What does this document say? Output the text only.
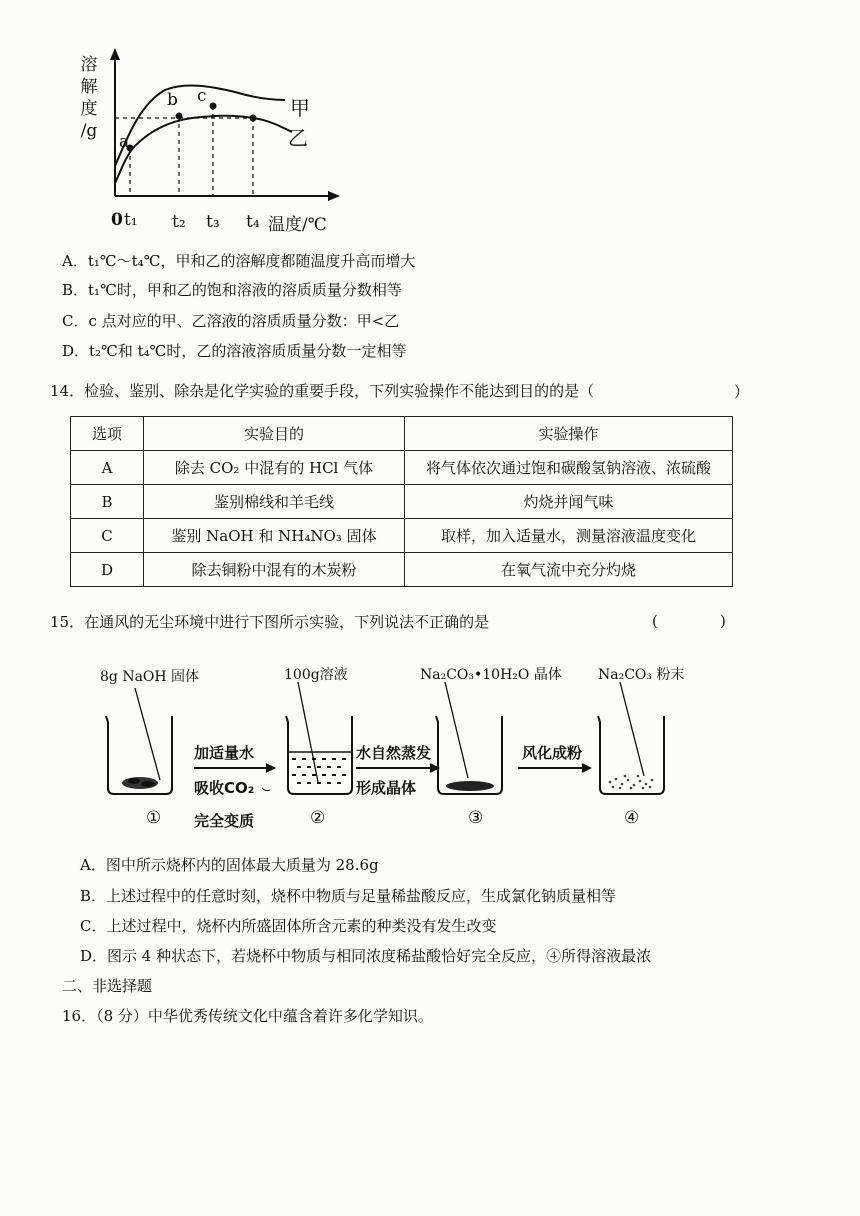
溶
解
度
/g
a
b c	甲
乙
0 t₁ t₂ t₃ t₄ 温度/℃
A．t₁℃～t₄℃，甲和乙的溶解度都随温度升高而增大
B．t₁℃时，甲和乙的饱和溶液的溶质质量分数相等
C．c 点对应的甲、乙溶液的溶质质量分数：甲<乙
D．t₂℃和 t₄℃时，乙的溶液溶质质量分数一定相等
14．检验、鉴别、除杂是化学实验的重要手段，下列实验操作不能达到目的的是（	）
选项	实验目的	实验操作
A	除去 CO₂ 中混有的 HCl 气体	将气体依次通过饱和碳酸氢钠溶液、浓硫酸
B	鉴别棉线和羊毛线	灼烧并闻气味
C	鉴别 NaOH 和 NH₄NO₃ 固体	取样，加入适量水，测量溶液温度变化
D	除去铜粉中混有的木炭粉	在氧气流中充分灼烧
15．在通风的无尘环境中进行下图所示实验，下列说法不正确的是	(	)
8g NaOH 固体	100g溶液	Na₂CO₃•10H₂O 晶体	Na₂CO₃ 粉末
加适量水
吸收CO₂
完全变质
水自然蒸发
形成晶体
风化成粉
①	②	③	④
A．图中所示烧杯内的固体最大质量为 28.6g
B．上述过程中的任意时刻，烧杯中物质与足量稀盐酸反应，生成氯化钠质量相等
C．上述过程中，烧杯内所盛固体所含元素的种类没有发生改变
D．图示 4 种状态下，若烧杯中物质与相同浓度稀盐酸恰好完全反应，④所得溶液最浓
二、非选择题
16．（8 分）中华优秀传统文化中蕴含着许多化学知识。
